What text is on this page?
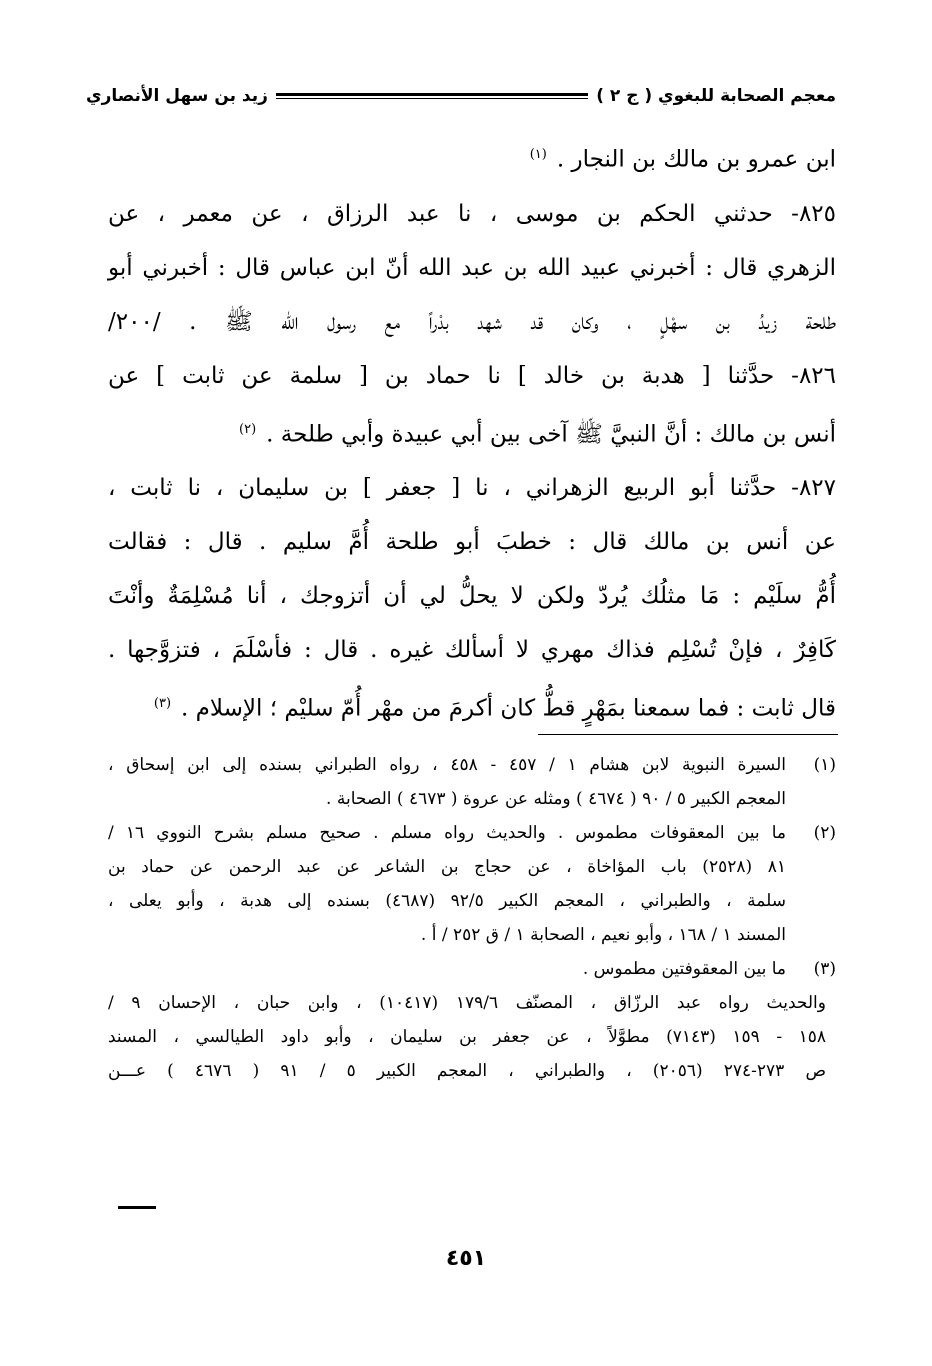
معجم الصحابة للبغوي ( ج ٢ )
زيد بن سهل الأنصاري

ابن عمرو بن مالك بن النجار .$^{(١)}$

٨٢٥- حدثني الحكم بن موسى ، نا عبد الرزاق ، عن معمر ، عن

الزهري قال : أخبرني عبيد الله بن عبد الله أنّ ابن عباس قال : أخبرني أبو

طلحة زيدُ بن سهْلٍ ، وكان قد شهد بدْراً مع رسول الله ﷺ . /٢٠٠/

٨٢٦- حدَّثنا [ هدبة بن خالد ] نا حماد بن [ سلمة عن ثابت ] عن

أنس بن مالك : أنَّ النبيَّ ﷺ آخى بين أبي عبيدة وأبي طلحة .$^{(٢)}$

٨٢٧- حدَّثنا أبو الربيع الزهراني ، نا [ جعفر ] بن سليمان ، نا ثابت ،

عن أنس بن مالك قال : خطبَ أبو طلحة أُمَّ سليم . قال : فقالت

أُمُّ سلَيْم : مَا مثلُك يُردّ ولكن لا يحلُّ لي أن أتزوجك ، أنا مُسْلِمَةٌ وأنْتَ

كَافِرٌ ، فإنْ تُسْلِم فذاك مهري لا أسألك غيره . قال : فأسْلَمَ ، فتزوَّجها .

قال ثابت : فما سمعنا بمَهْرٍ قطُّ كان أكرمَ من مهْر أُمّ سليْم ؛ الإسلام .$^{(٣)}$

(١)

السيرة النبوية لابن هشام ١ / ٤٥٧ - ٤٥٨ ، رواه الطبراني بسنده إلى ابن إسحاق ،

المعجم الكبير ٥ / ٩٠ ( ٤٦٧٤ ) ومثله عن عروة ( ٤٦٧٣ ) الصحابة .

(٢)

ما بين المعقوفات مطموس . والحديث رواه مسلم . صحيح مسلم بشرح النووي ١٦ /

٨١ (٢٥٢٨) باب المؤاخاة ، عن حجاج بن الشاعر عن عبد الرحمن عن حماد بن

سلمة ، والطبراني ، المعجم الكبير ٩٢/٥ (٤٦٨٧) بسنده إلى هدبة ، وأبو يعلى ،

المسند ١ / ١٦٨ ، وأبو نعيم ، الصحابة ١ / ق ٢٥٢ / أ .

(٣)

ما بين المعقوفتين مطموس .

والحديث رواه عبد الرزّاق ، المصنّف ١٧٩/٦ (١٠٤١٧) ، وابن حبان ، الإحسان ٩ /

١٥٨ - ١٥٩ (٧١٤٣) مطوَّلاً ، عن جعفر بن سليمان ، وأبو داود الطيالسي ، المسند

ص ٢٧٣-٢٧٤ (٢٠٥٦) ، والطبراني ، المعجم الكبير ٥ / ٩١ ( ٤٦٧٦ ) عـــن

٤٥١
